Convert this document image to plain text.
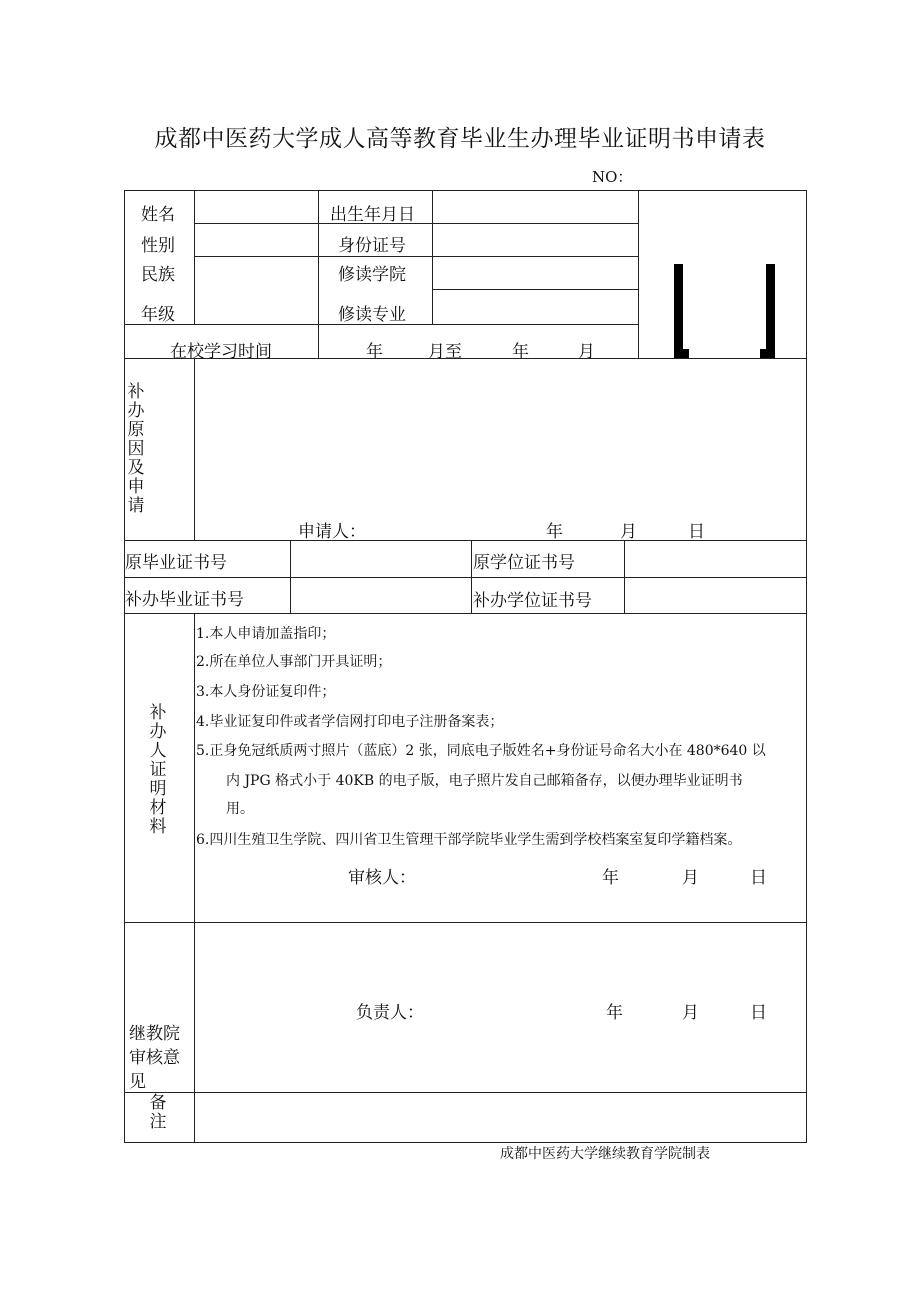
成都中医药大学成人高等教育毕业生办理毕业证明书申请表
NO：
姓名	出生年月日
性别	身份证号
民族	修读学院
年级	修读专业
在校学习时间	年	月至	年	月
补办原因及申请
申请人：	年	月	日
原毕业证书号	原学位证书号
补办毕业证书号	补办学位证书号
补办人证明材料
1.本人申请加盖指印；
2.所在单位人事部门开具证明；
3.本人身份证复印件；
4.毕业证复印件或者学信网打印电子注册备案表；
5.正身免冠纸质两寸照片（蓝底）2 张，同底电子版姓名+身份证号命名大小在 480*640 以
内 JPG 格式小于 40KB 的电子版，电子照片发自己邮箱备存，以便办理毕业证明书
用。
6.四川生殖卫生学院、四川省卫生管理干部学院毕业学生需到学校档案室复印学籍档案。
审核人：	年	月	日
继教院审核意见
负责人：	年	月	日
备注
成都中医药大学继续教育学院制表
